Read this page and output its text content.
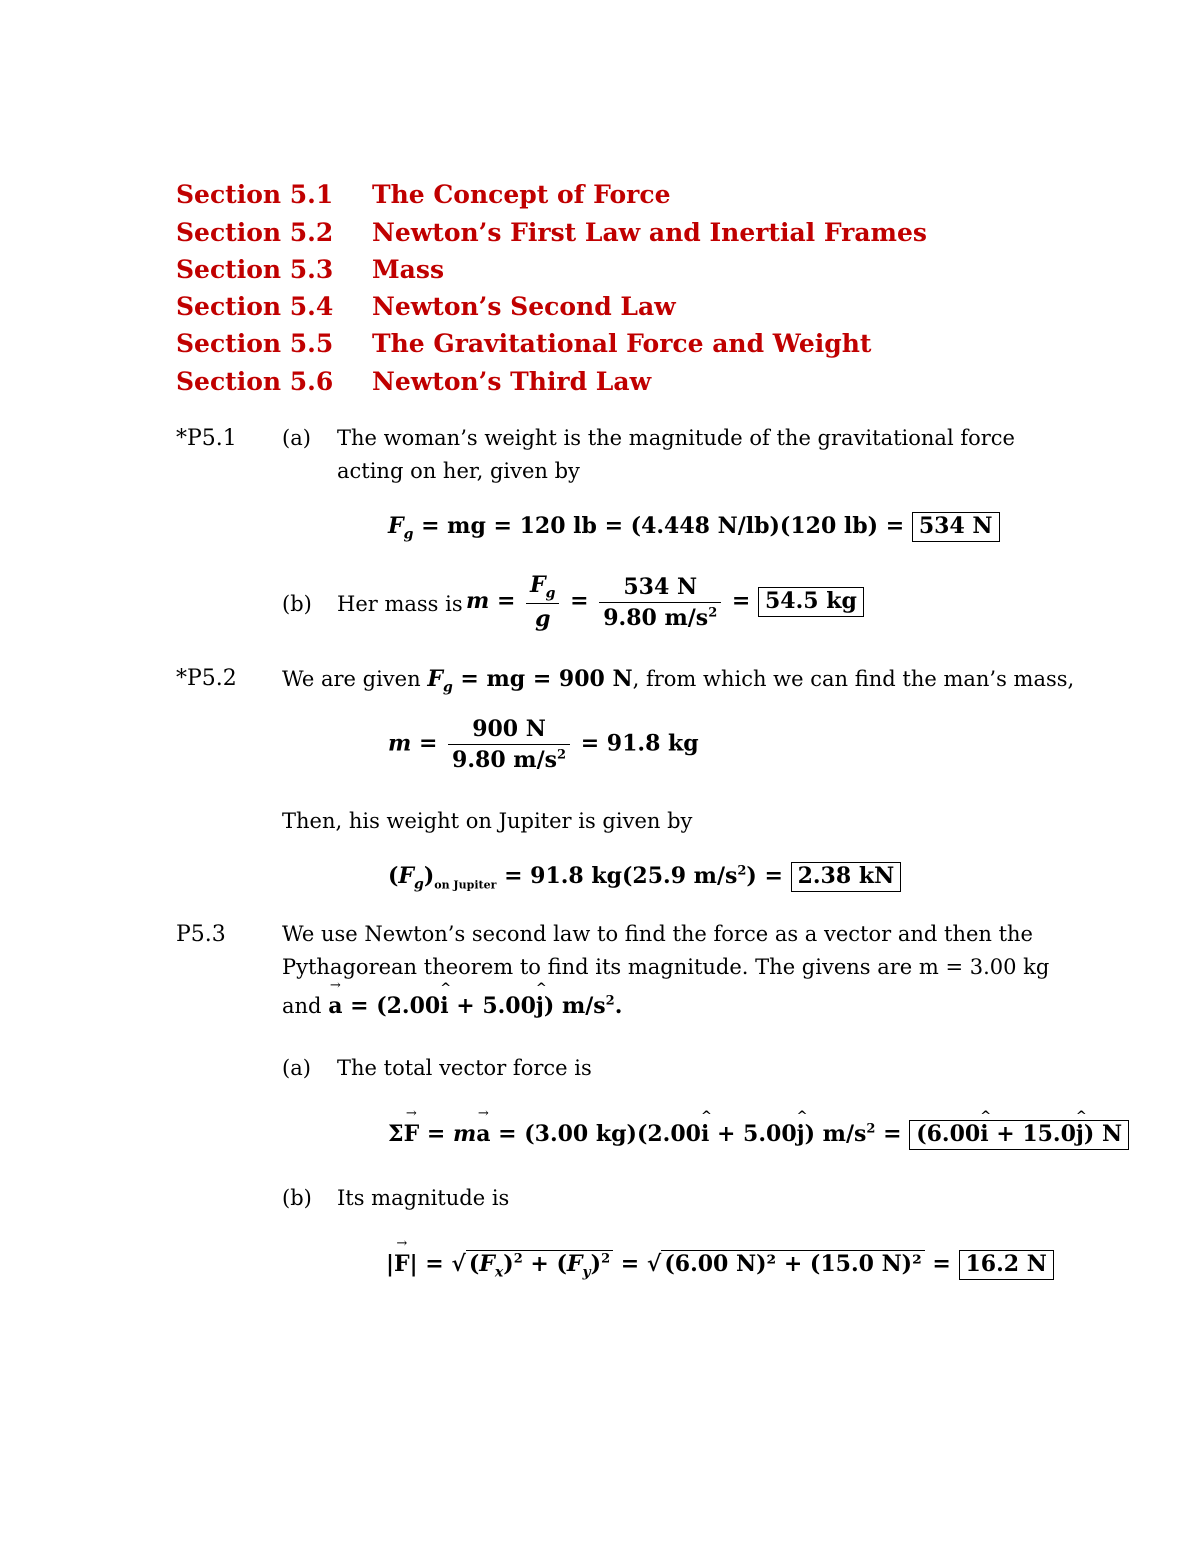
Section 5.1 The Concept of Force
Section 5.2 Newton’s First Law and Inertial Frames
Section 5.3 Mass
Section 5.4 Newton’s Second Law
Section 5.5 The Gravitational Force and Weight
Section 5.6 Newton’s Third Law
*P5.1 (a) The woman’s weight is the magnitude of the gravitational force
acting on her, given by
$F_g$ = mg = 120 lb = (4.448 N/lb)(120 lb) = 534 N
(b) Her mass is $m = \frac{F_g}{g} = \frac{534 N}{9.80 m/s^2} = 54.5$ kg
*P5.2 We are given $F_g$ = mg = 900 N, from which we can find the man’s mass,
$m = \frac{900 N}{9.80 m/s^2} = 91.8$ kg
Then, his weight on Jupiter is given by
$(F_g)_{on Jupiter} = 91.8$ kg(25.9 $m/s^2) = 2.38$ kN
P5.3	We use Newton’s second law to find the force as a vector and then the
Pythagorean theorem to find its magnitude. The givens are m = 3.00 kg
and → a = (2.00^ i + 5.00^ j) $m/s^2$.
(a) The total vector force is
Σ→ F = m→ a = (3.00 kg)(2.00^ i + 5.00^ j) $m/s^2$ = (6.00^ i + 15.0^ j) N
(b) Its magnitude is
|→ F| = √ $(F_x)^2 + (F_y)^2$ = √ (6.00 N)² + (15.0 N)² = 16.2 N
